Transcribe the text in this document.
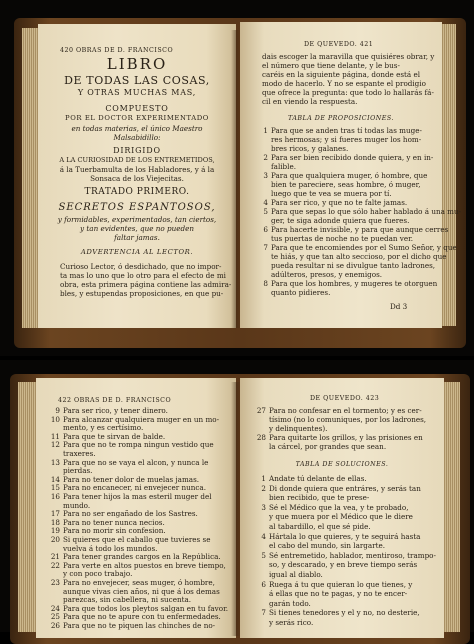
420 OBRAS DE D. FRANCISCO
LIBRO
DE TODAS LAS COSAS,
Y OTRAS MUCHAS MAS,
COMPUESTO
POR EL DOCTOR EXPERIMENTADO
en todas materias, el único Maestro
Malsabidillo:
DIRIGIDO
A LA CURIOSIDAD DE LOS ENTREMETIDOS,
á la Tuerbamulta de los Habladores, y á la
Sonsaca de los Viejecitas.
TRATADO PRIMERO.
SECRETOS ESPANTOSOS,
y formidables, experimentados, tan ciertos,
y tan evidentes, que no pueden
faltar jamas.
ADVERTENCIA AL LECTOR.
Curioso Lector, ó desdichado, que no impor-
ta mas lo uno que lo otro para el efecto de mi
obra, esta primera página contiene las admira-
bles, y estupendas proposiciones, en que pu-
DE QUEVEDO. 421
dais escoger la maravilla que quisiéres obrar, y
el número que tiene delante, y le bus-
caréis en la siguiente página, donde está el
modo de hacerlo. Y no se espante el prodigio
que ofrece la pregunta: que todo lo hallarás fá-
cil en viendo la respuesta.
TABLA DE PROPOSICIONES.
1 Para que se anden tras tí todas las muge-
res hermosas; y si fueres muger los hom-
bres ricos, y galanes.
2 Para ser bien recibido donde quiera, y en in-
falible.
3 Para que qualquiera muger, ó hombre, que
bien te pareciere, seas hombre, ó muger,
luego que te vea se muera por tí.
4 Para ser rico, y que no te falte jamas.
5 Para que sepas lo que sólo haber hablado á una mu-
ger, te siga adonde quiera que fueres.
6 Para hacerte invisible, y para que aunque cerres
tus puertas de noche no te puedan ver.
7 Para que te encomiendes por el Sumo Señor, y que
te hiás, y que tan alto seccioso, por el dicho que
pueda resultar ni se divulgue tanto ladrones,
adúlteros, presos, y enemigos.
8 Para que los hombres, y mugeres te otorguen
quanto pidieres.
Dd 3
422 OBRAS DE D. FRANCISCO
9 Para ser rico, y tener dinero.
10 Para alcanzar qualquiera muger en un mo-
mento, y es certísimo.
11 Para que te sirvan de balde.
12 Para que no te rompa ningun vestido que
traxeres.
13 Para que no se vaya el alcon, y nunca le
pierdas.
14 Para no tener dolor de muelas jamas.
15 Para no encanecer, ni envejecer nunca.
16 Para tener hijos la mas esteril muger del
mundo.
17 Para no ser engañado de los Sastres.
18 Para no tener nunca necios.
19 Para no morir sin confesion.
20 Si quieres que el caballo que tuvieres se
vuelva á todo los mundos.
21 Para tener grandes cargos en la República.
22 Para verte en altos puestos en breve tiempo,
y con poco trabajo.
23 Para no envejecer, seas muger, ó hombre,
aunque vivas cien años, ni que á los demas
parezcas, sin cabellera, ni sucenta.
24 Para que todos los pleytos salgan en tu favor.
25 Para que no te apure con tu enfermedades.
26 Para que no te piquen las chinches de no-
DE QUEVEDO. 423
27 Para no confesar en el tormento; y es cer-
tísimo (no lo comuniques, por los ladrones,
y delinquentes).
28 Para quitarte los grillos, y las prisiones en
la cárcel, por grandes que sean.
TABLA DE SOLUCIONES.
1 Andate tú delante de ellas.
2 Di donde quiera que entráres, y serás tan
bien recibido, que te prese-
3 Sé el Médico que la vea, y te probado,
y que muera por el Médico que le diere
al tabardillo, el que sé pide.
4 Hártala lo que quieres, y te seguirá hasta
el cabo del mundo, sin largarte.
5 Sé entremetido, hablador, mentiroso, trampo-
so, y descarado, y en breve tiempo serás
igual al diablo.
6 Ruega á tu que quieran lo que tienes, y
á ellas que no te pagas, y no te encer-
garán todo.
7 Si tienes tenedores y el y no, no desterie,
y serás rico.
